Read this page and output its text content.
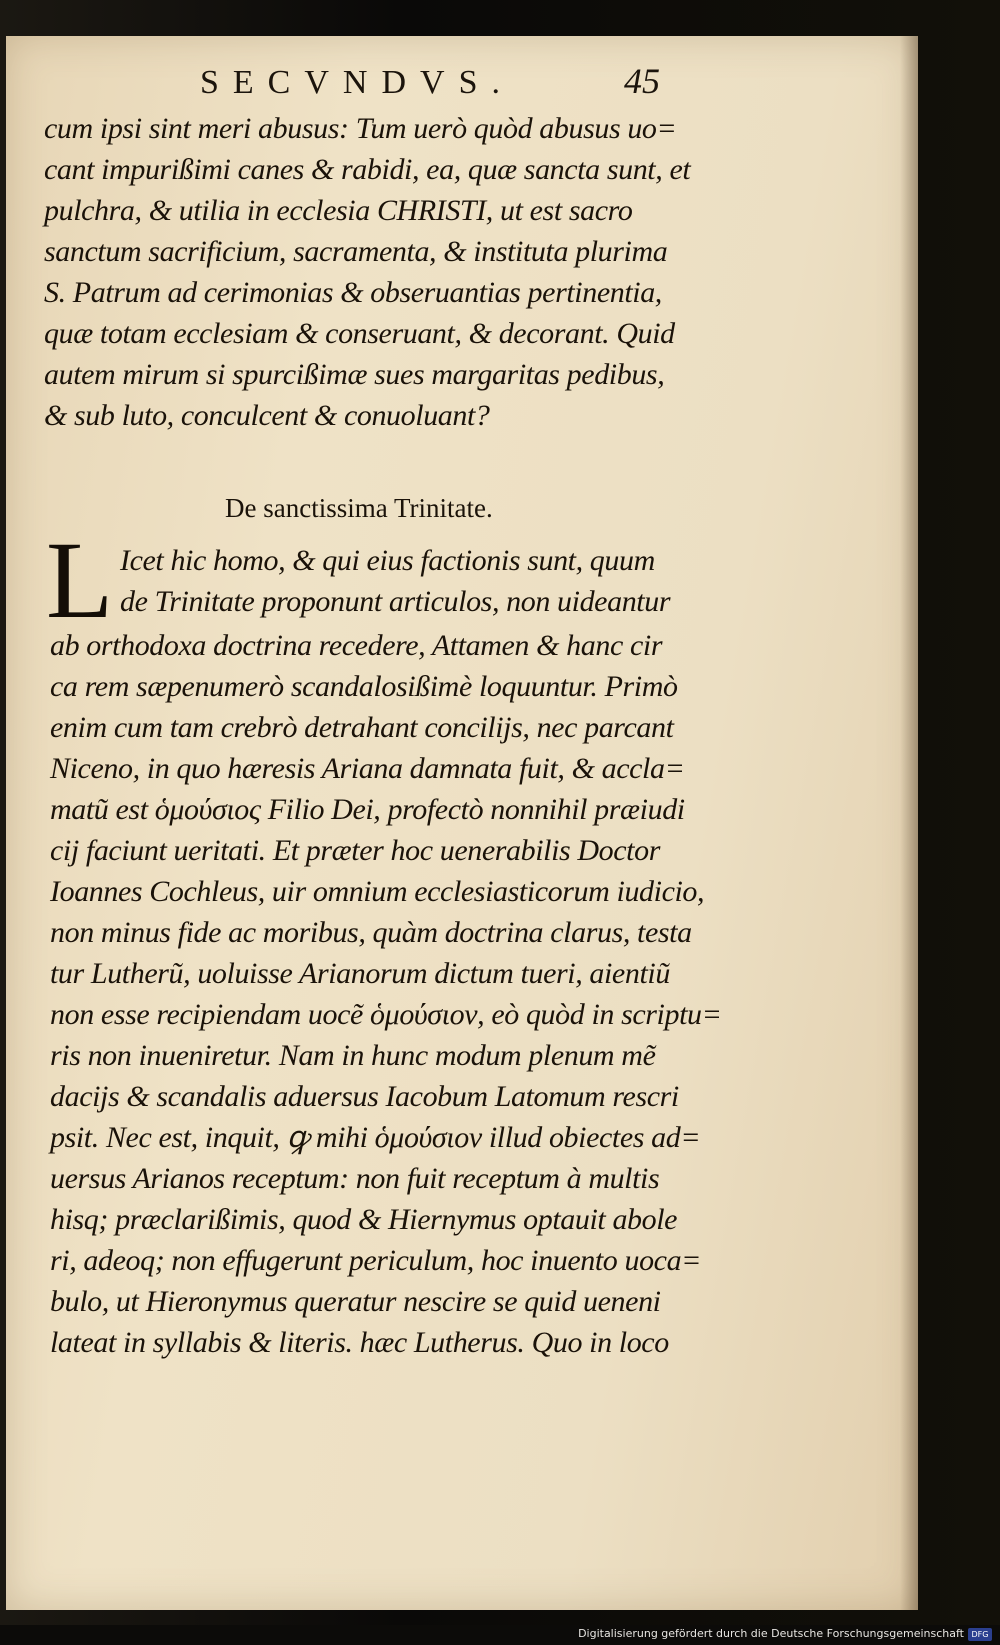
SECVNDVS.	45
cum ipsi sint meri abusus: Tum uerò quòd abusus uo=
cant impurißimi canes & rabidi, ea, quæ sancta sunt, et
pulchra, & utilia in ecclesia CHRISTI, ut est sacro
sanctum sacrificium, sacramenta, & instituta plurima
S. Patrum ad cerimonias & obseruantias pertinentia,
quæ totam ecclesiam & conseruant, & decorant. Quid
autem mirum si spurcißimæ sues margaritas pedibus,
& sub luto, conculcent & conuoluant?
De sanctissima Trinitate.
L Icet hic homo, & qui eius factionis sunt, quum
de Trinitate proponunt articulos, non uideantur
ab orthodoxa doctrina recedere, Attamen & hanc cir
ca rem sæpenumerò scandalosißimè loquuntur. Primò
enim cum tam crebrò detrahant concilijs, nec parcant
Niceno, in quo hæresis Ariana damnata fuit, & accla=
matũ est ὁμούσιος Filio Dei, profectò nonnihil præiudi
cij faciunt ueritati. Et præter hoc uenerabilis Doctor
Ioannes Cochleus, uir omnium ecclesiasticorum iudicio,
non minus fide ac moribus, quàm doctrina clarus, testa
tur Lutherũ, uoluisse Arianorum dictum tueri, aientiũ
non esse recipiendam uocẽ ὁμούσιον, eò quòd in scriptu=
ris non inueniretur. Nam in hunc modum plenum mẽ
dacijs & scandalis aduersus Iacobum Latomum rescri
psit. Nec est, inquit, ꝙ mihi ὁμούσιον illud obiectes ad=
uersus Arianos receptum: non fuit receptum à multis
hisq; præclarißimis, quod & Hiernymus optauit abole
ri, adeoq; non effugerunt periculum, hoc inuento uoca=
bulo, ut Hieronymus queratur nescire se quid ueneni
lateat in syllabis & literis. hæc Lutherus. Quo in loco
Digitalisierung gefördert durch die Deutsche Forschungsgemeinschaft DFG
